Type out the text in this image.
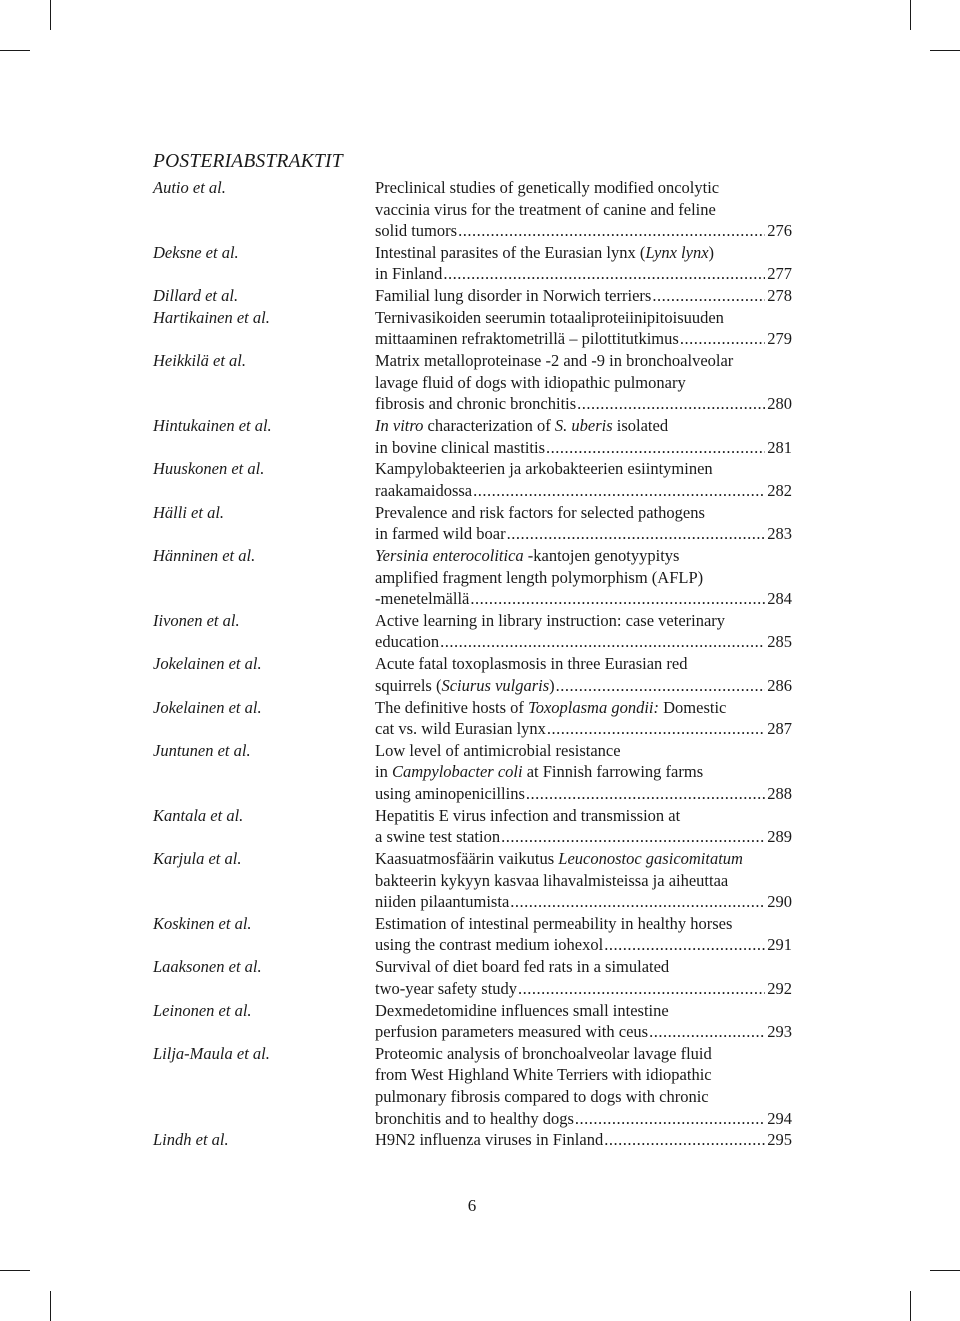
POSTERIABSTRAKTIT
Autio et al.	Preclinical studies of genetically modified oncolytic
vaccinia virus for the treatment of canine and feline
solid tumors .....	276
Deksne et al.	Intestinal parasites of the Eurasian lynx (Lynx lynx)
in Finland .....	277
Dillard et al.	Familial lung disorder in Norwich terriers .....	278
Hartikainen et al.	Ternivasikoiden seerumin totaaliproteiinipitoisuuden
mittaaminen refraktometrillä – pilottitutkimus .....	279
Heikkilä et al.	Matrix metalloproteinase -2 and -9 in bronchoalveolar
lavage fluid of dogs with idiopathic pulmonary
fibrosis and chronic bronchitis .....	280
Hintukainen et al.	In vitro characterization of S. uberis isolated
in bovine clinical mastitis .....	281
Huuskonen et al.	Kampylobakteerien ja arkobakteerien esiintyminen
raakamaidossa .....	282
Hälli et al.	Prevalence and risk factors for selected pathogens
in farmed wild boar .....	283
Hänninen et al.	Yersinia enterocolitica -kantojen genotyypitys
amplified fragment length polymorphism (AFLP)
-menetelmällä .....	284
Iivonen et al.	Active learning in library instruction: case veterinary
education .....	285
Jokelainen et al.	Acute fatal toxoplasmosis in three Eurasian red
squirrels (Sciurus vulgaris) .....	286
Jokelainen et al.	The definitive hosts of Toxoplasma gondii: Domestic
cat vs. wild Eurasian lynx .....	287
Juntunen et al.	Low level of antimicrobial resistance
in Campylobacter coli at Finnish farrowing farms
using aminopenicillins .....	288
Kantala et al.	Hepatitis E virus infection and transmission at
a swine test station .....	289
Karjula et al.	Kaasuatmosfäärin vaikutus Leuconostoc gasicomitatum
bakteerin kykyyn kasvaa lihavalmisteissa ja aiheuttaa
niiden pilaantumista .....	290
Koskinen et al.	Estimation of intestinal permeability in healthy horses
using the contrast medium iohexol .....	291
Laaksonen et al.	Survival of diet board fed rats in a simulated
two-year safety study .....	292
Leinonen et al.	Dexmedetomidine influences small intestine
perfusion parameters measured with ceus .....	293
Lilja-Maula et al.	Proteomic analysis of bronchoalveolar lavage fluid
from West Highland White Terriers with idiopathic
pulmonary fibrosis compared to dogs with chronic
bronchitis and to healthy dogs .....	294
Lindh et al.	H9N2 influenza viruses in Finland .....	295
6
